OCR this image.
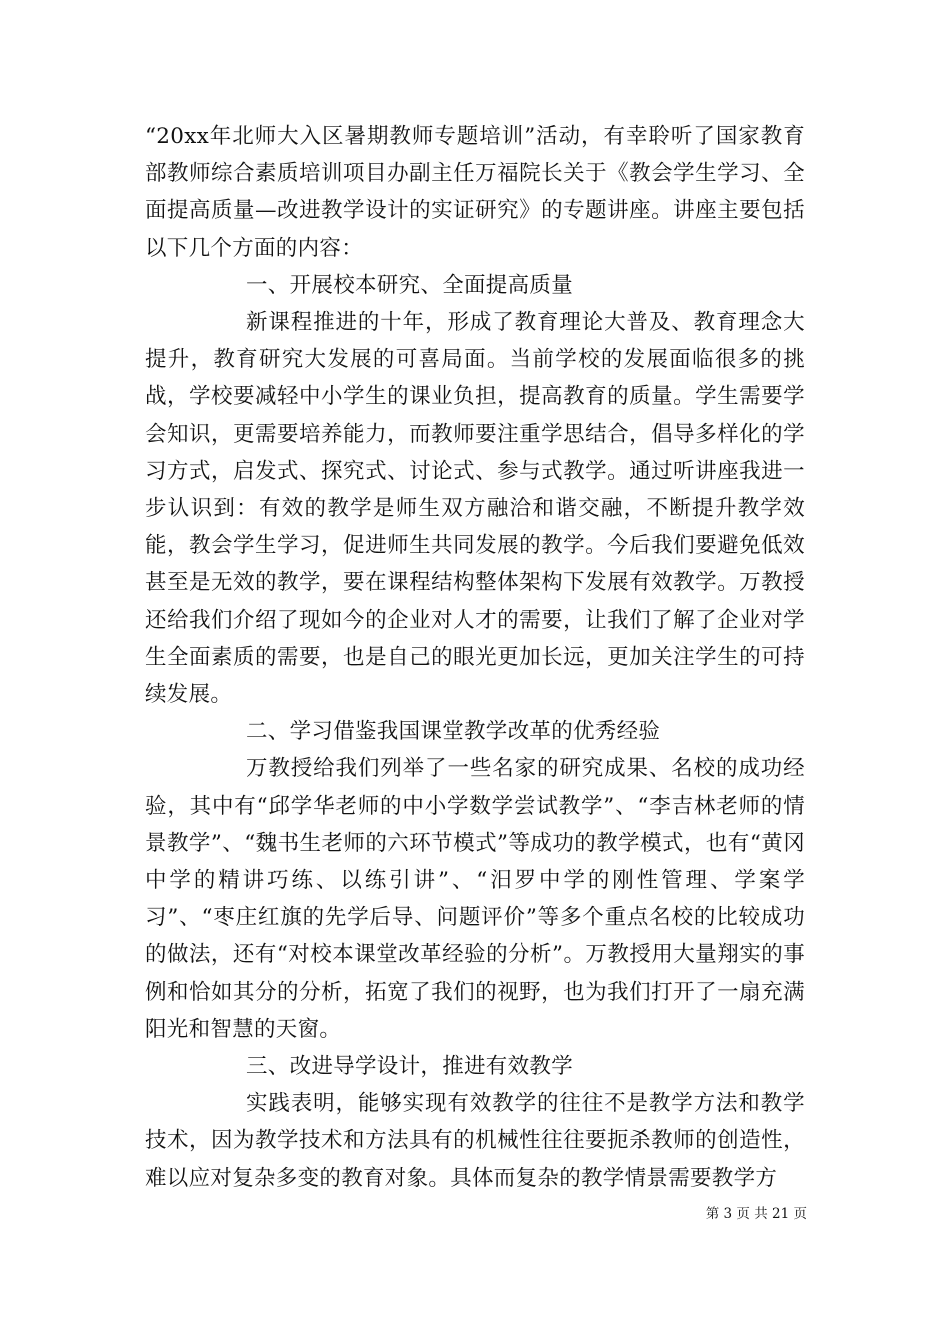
“20xx年北师大入区暑期教师专题培训”活动，有幸聆听了国家教育部教师综合素质培训项目办副主任万福院长关于《教会学生学习、全面提高质量—改进教学设计的实证研究》的专题讲座。讲座主要包括以下几个方面的内容：

一、开展校本研究、全面提高质量

新课程推进的十年，形成了教育理论大普及、教育理念大提升，教育研究大发展的可喜局面。当前学校的发展面临很多的挑战，学校要减轻中小学生的课业负担，提高教育的质量。学生需要学会知识，更需要培养能力，而教师要注重学思结合，倡导多样化的学习方式，启发式、探究式、讨论式、参与式教学。通过听讲座我进一步认识到：有效的教学是师生双方融洽和谐交融，不断提升教学效能，教会学生学习，促进师生共同发展的教学。今后我们要避免低效甚至是无效的教学，要在课程结构整体架构下发展有效教学。万教授还给我们介绍了现如今的企业对人才的需要，让我们了解了企业对学生全面素质的需要，也是自己的眼光更加长远，更加关注学生的可持续发展。

二、学习借鉴我国课堂教学改革的优秀经验

万教授给我们列举了一些名家的研究成果、名校的成功经验，其中有“邱学华老师的中小学数学尝试教学”、“李吉林老师的情景教学”、“魏书生老师的六环节模式”等成功的教学模式，也有“黄冈中学的精讲巧练、以练引讲”、“汨罗中学的刚性管理、学案学习”、“枣庄红旗的先学后导、问题评价”等多个重点名校的比较成功的做法，还有“对校本课堂改革经验的分析”。万教授用大量翔实的事例和恰如其分的分析，拓宽了我们的视野，也为我们打开了一扇充满阳光和智慧的天窗。

三、改进导学设计，推进有效教学

实践表明，能够实现有效教学的往往不是教学方法和教学技术，因为教学技术和方法具有的机械性往往要扼杀教师的创造性，难以应对复杂多变的教育对象。具体而复杂的教学情景需要教学方

第 3 页 共 21 页
